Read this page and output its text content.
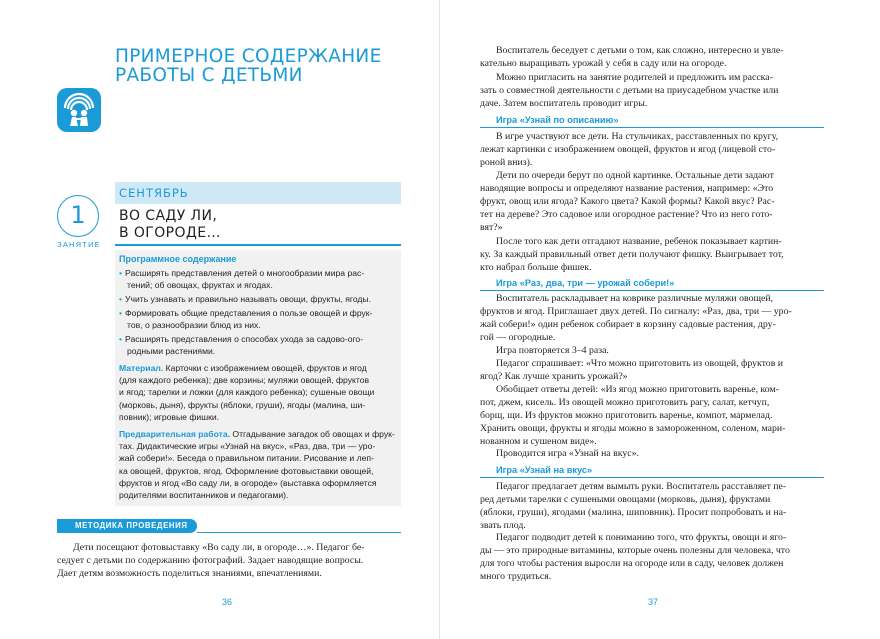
ПРИМЕРНОЕ СОДЕРЖАНИЕ
РАБОТЫ С ДЕТЬМИ
1
ЗАНЯТИЕ
СЕНТЯБРЬ
ВО САДУ ЛИ,
В ОГОРОДЕ…
Программное содержание
• Расширять представления детей о многообразии мира рас-
тений; об овощах, фруктах и ягодах.
• Учить узнавать и правильно называть овощи, фрукты, ягоды.
• Формировать общие представления о пользе овощей и фрук-
тов, о разнообразии блюд из них.
• Расширять представления о способах ухода за садово-ого-
родными растениями.
Материал. Карточки с изображением овощей, фруктов и ягод
(для каждого ребенка); две корзины; муляжи овощей, фруктов
и ягод; тарелки и ложки (для каждого ребенка); сушеные овощи
(морковь, дыня), фрукты (яблоки, груши), ягоды (малина, ши-
повник); игровые фишки.
Предварительная работа. Отгадывание загадок об овощах и фрук-
тах. Дидактические игры «Узнай на вкус», «Раз, два, три — уро-
жай собери!». Беседа о правильном питании. Рисование и леп-
ка овощей, фруктов, ягод. Оформление фотовыставки овощей,
фруктов и ягод «Во саду ли, в огороде» (выставка оформляется
родителями воспитанников и педагогами).
МЕТОДИКА ПРОВЕДЕНИЯ
Дети посещают фотовыставку «Во саду ли, в огороде…». Педагог бе-
седует с детьми по содержанию фотографий. Задает наводящие вопросы.
Дает детям возможность поделиться знаниями, впечатлениями.
36
Воспитатель беседует с детьми о том, как сложно, интересно и увле-
кательно выращивать урожай у себя в саду или на огороде.
Можно пригласить на занятие родителей и предложить им расска-
зать о совместной деятельности с детьми на приусадебном участке или
даче. Затем воспитатель проводит игры.
Игра «Узнай по описанию»
В игре участвуют все дети. На стульчиках, расставленных по кругу,
лежат картинки с изображением овощей, фруктов и ягод (лицевой сто-
роной вниз).
Дети по очереди берут по одной картинке. Остальные дети задают
наводящие вопросы и определяют название растения, например: «Это
фрукт, овощ или ягода? Какого цвета? Какой формы? Какой вкус? Рас-
тет на дереве? Это садовое или огородное растение? Что из него гото-
вят?»
После того как дети отгадают название, ребенок показывает картин-
ку. За каждый правильный ответ дети получают фишку. Выигрывает тот,
кто набрал больше фишек.
Игра «Раз, два, три — урожай собери!»
Воспитатель раскладывает на коврике различные муляжи овощей,
фруктов и ягод. Приглашает двух детей. По сигналу: «Раз, два, три — уро-
жай собери!» один ребенок собирает в корзину садовые растения, дру-
гой — огородные.
Игра повторяется 3–4 раза.
Педагог спрашивает: «Что можно приготовить из овощей, фруктов и
ягод? Как лучше хранить урожай?»
Обобщает ответы детей: «Из ягод можно приготовить варенье, ком-
пот, джем, кисель. Из овощей можно приготовить рагу, салат, кетчуп,
борщ, щи. Из фруктов можно приготовить варенье, компот, мармелад.
Хранить овощи, фрукты и ягоды можно в замороженном, соленом, мари-
нованном и сушеном виде».
Проводится игра «Узнай на вкус».
Игра «Узнай на вкус»
Педагог предлагает детям вымыть руки. Воспитатель расставляет пе-
ред детьми тарелки с сушеными овощами (морковь, дыня), фруктами
(яблоки, груши), ягодами (малина, шиповник). Просит попробовать и на-
звать плод.
Педагог подводит детей к пониманию того, что фрукты, овощи и яго-
ды — это природные витамины, которые очень полезны для человека, что
для того чтобы растения выросли на огороде или в саду, человек должен
много трудиться.
37
